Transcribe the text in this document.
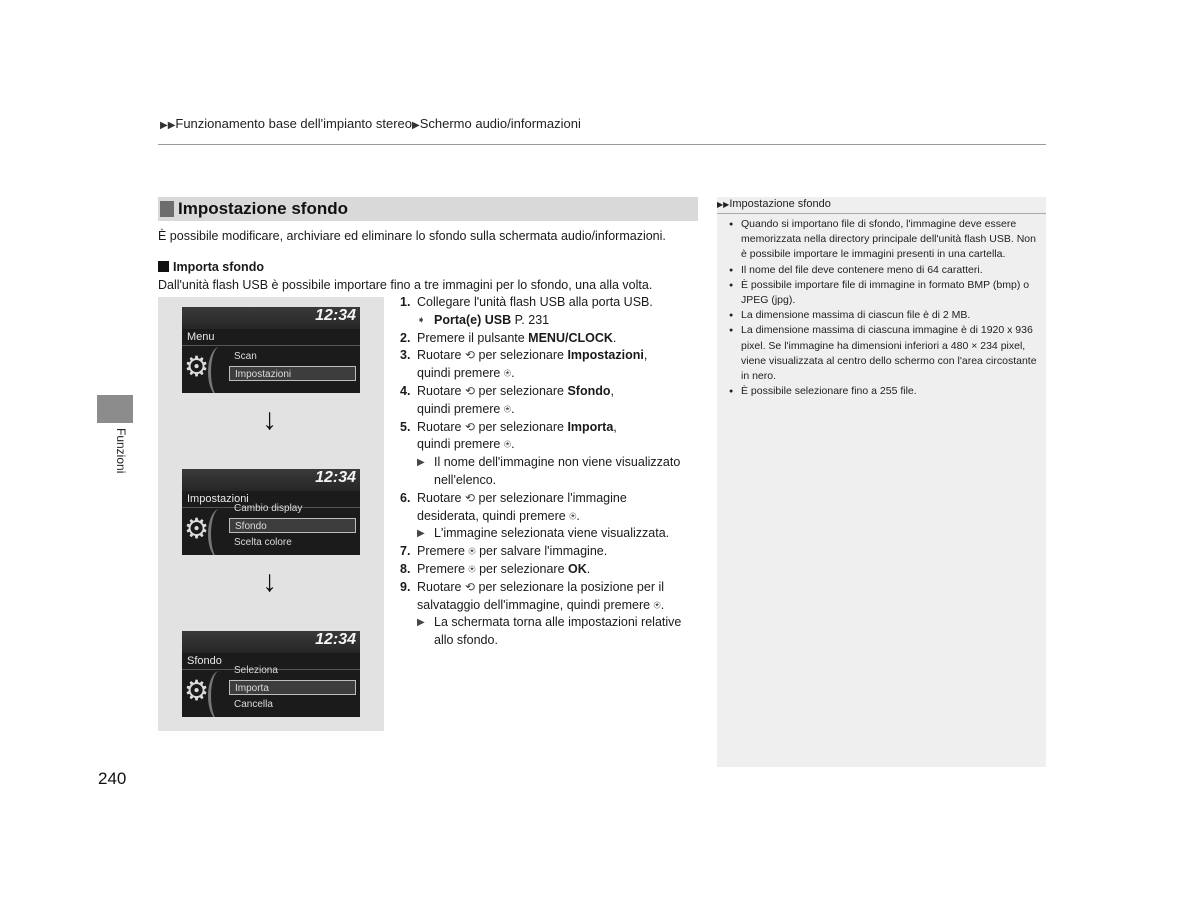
▶▶Funzionamento base dell'impianto stereo▶Schermo audio/informazioni
Funzioni
Impostazione sfondo
È possibile modificare, archiviare ed eliminare lo sfondo sulla schermata audio/informazioni.
Importa sfondo
Dall'unità flash USB è possibile importare fino a tre immagini per lo sfondo, una alla volta.
12:34
Menu
⚙ Scan
Impostazioni
↓
12:34
Impostazioni
⚙
Cambio display
Sfondo
Scelta colore
↓
12:34
Sfondo
⚙
Seleziona
Importa
Cancella
1. Collegare l'unità flash USB alla porta USB.
➧ Porta(e) USB P. 231
2. Premere il pulsante MENU/CLOCK.
3. Ruotare ⟲ per selezionare Impostazioni,
quindi premere ⍟.
4. Ruotare ⟲ per selezionare Sfondo,
quindi premere ⍟.
5. Ruotare ⟲ per selezionare Importa,
quindi premere ⍟.
▶ Il nome dell'immagine non viene visualizzato nell'elenco.
6. Ruotare ⟲ per selezionare l'immagine
desiderata, quindi premere ⍟.
▶ L'immagine selezionata viene visualizzata.
7. Premere ⍟ per salvare l'immagine.
8. Premere ⍟ per selezionare OK.
9. Ruotare ⟲ per selezionare la posizione per il
salvataggio dell'immagine, quindi premere ⍟.
▶ La schermata torna alle impostazioni relative allo sfondo.
▶▶Impostazione sfondo
● Quando si importano file di sfondo, l'immagine deve essere memorizzata nella directory principale dell'unità flash USB. Non è possibile importare le immagini presenti in una cartella.
● Il nome del file deve contenere meno di 64 caratteri.
● È possibile importare file di immagine in formato BMP (bmp) o JPEG (jpg).
● La dimensione massima di ciascun file è di 2 MB.
● La dimensione massima di ciascuna immagine è di 1920 x 936 pixel. Se l'immagine ha dimensioni inferiori a 480 × 234 pixel, viene visualizzata al centro dello schermo con l'area circostante in nero.
● È possibile selezionare fino a 255 file.
240
